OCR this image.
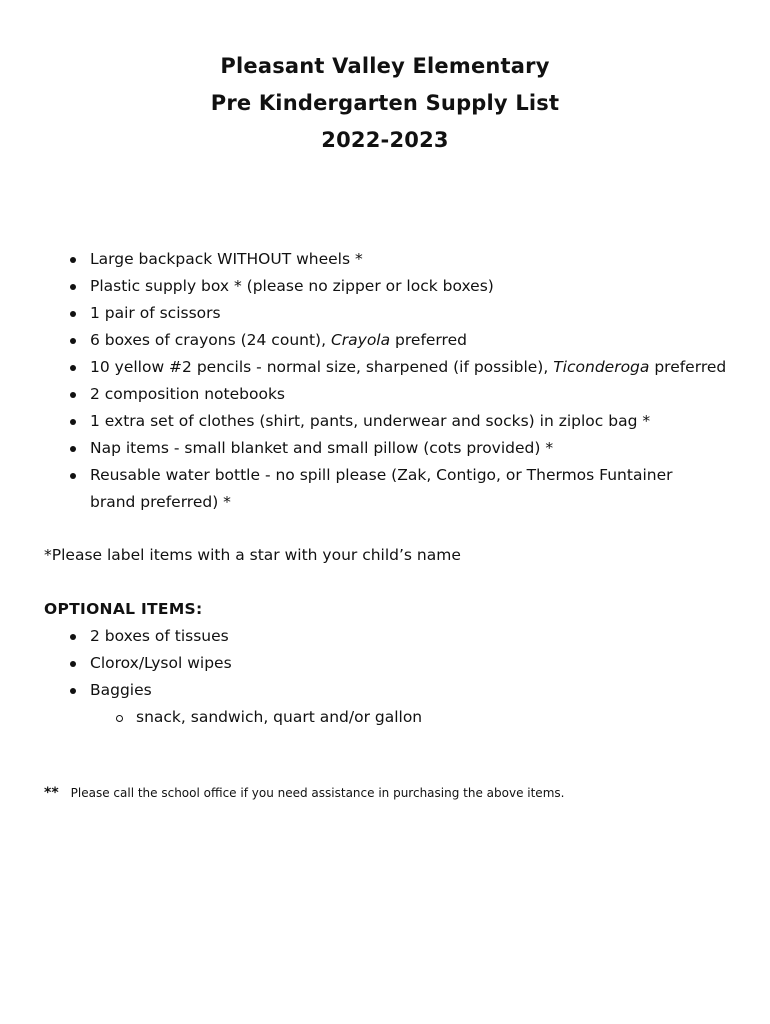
Pleasant Valley Elementary

Pre Kindergarten Supply List

2022-2023

Large backpack WITHOUT wheels *
Plastic supply box * (please no zipper or lock boxes)
1 pair of scissors
6 boxes of crayons (24 count), Crayola preferred
10 yellow #2 pencils - normal size, sharpened (if possible), Ticonderoga preferred
2 composition notebooks
1 extra set of clothes (shirt, pants, underwear and socks) in ziploc bag *
Nap items - small blanket and small pillow (cots provided) *
Reusable water bottle - no spill please (Zak, Contigo, or Thermos Funtainer brand preferred) *

*Please label items with a star with your child’s name

OPTIONAL ITEMS:

2 boxes of tissues
Clorox/Lysol wipes
Baggies
snack, sandwich, quart and/or gallon

** Please call the school office if you need assistance in purchasing the above items.
